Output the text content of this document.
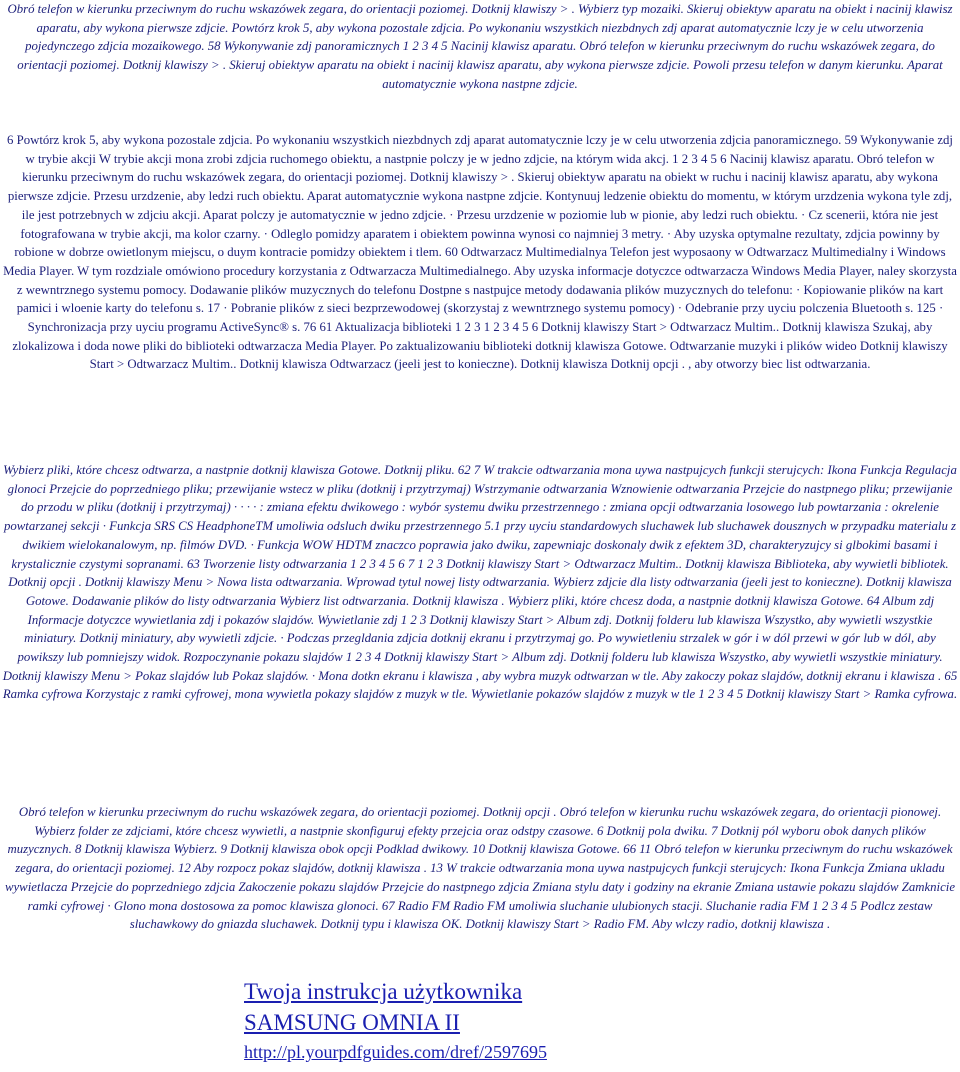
Obró telefon w kierunku przeciwnym do ruchu wskazówek zegara, do orientacji poziomej. Dotknij klawiszy > . Wybierz typ mozaiki. Skieruj obiektyw aparatu na obiekt i nacinij klawisz aparatu, aby wykona pierwsze zdjcie. Powtórz krok 5, aby wykona pozostale zdjcia. Po wykonaniu wszystkich niezbdnych zdj aparat automatycznie lczy je w celu utworzenia pojedynczego zdjcia mozaikowego. 58 Wykonywanie zdj panoramicznych 1 2 3 4 5 Nacinij klawisz aparatu. Obró telefon w kierunku przeciwnym do ruchu wskazówek zegara, do orientacji poziomej. Dotknij klawiszy > . Skieruj obiektyw aparatu na obiekt i nacinij klawisz aparatu, aby wykona pierwsze zdjcie. Powoli przesu telefon w danym kierunku. Aparat automatycznie wykona nastpne zdjcie.

6 Powtórz krok 5, aby wykona pozostale zdjcia. Po wykonaniu wszystkich niezbdnych zdj aparat automatycznie lczy je w celu utworzenia zdjcia panoramicznego. 59 Wykonywanie zdj w trybie akcji W trybie akcji mona zrobi zdjcia ruchomego obiektu, a nastpnie polczy je w jedno zdjcie, na którym wida akcj. 1 2 3 4 5 6 Nacinij klawisz aparatu. Obró telefon w kierunku przeciwnym do ruchu wskazówek zegara, do orientacji poziomej. Dotknij klawiszy > . Skieruj obiektyw aparatu na obiekt w ruchu i nacinij klawisz aparatu, aby wykona pierwsze zdjcie. Przesu urzdzenie, aby ledzi ruch obiektu. Aparat automatycznie wykona nastpne zdjcie. Kontynuuj ledzenie obiektu do momentu, w którym urzdzenia wykona tyle zdj, ile jest potrzebnych w zdjciu akcji. Aparat polczy je automatycznie w jedno zdjcie. · Przesu urzdzenie w poziomie lub w pionie, aby ledzi ruch obiektu. · Cz scenerii, która nie jest fotografowana w trybie akcji, ma kolor czarny. · Odleglo pomidzy aparatem i obiektem powinna wynosi co najmniej 3 metry. · Aby uzyska optymalne rezultaty, zdjcia powinny by robione w dobrze owietlonym miejscu, o duym kontracie pomidzy obiektem i tlem. 60 Odtwarzacz Multimedialnya Telefon jest wyposaony w Odtwarzacz Multimedialny i Windows Media Player. W tym rozdziale omówiono procedury korzystania z Odtwarzacza Multimedialnego. Aby uzyska informacje dotyczce odtwarzacza Windows Media Player, naley skorzysta z wewntrznego systemu pomocy. Dodawanie plików muzycznych do telefonu Dostpne s nastpujce metody dodawania plików muzycznych do telefonu: · Kopiowanie plików na kart pamici i wloenie karty do telefonu s. 17 · Pobranie plików z sieci bezprzewodowej (skorzystaj z wewntrznego systemu pomocy) · Odebranie przy uyciu polczenia Bluetooth s. 125 · Synchronizacja przy uyciu programu ActiveSync® s. 76 61 Aktualizacja biblioteki 1 2 3 1 2 3 4 5 6 Dotknij klawiszy Start > Odtwarzacz Multim.. Dotknij klawisza Szukaj, aby zlokalizowa i doda nowe pliki do biblioteki odtwarzacza Media Player. Po zaktualizowaniu biblioteki dotknij klawisza Gotowe. Odtwarzanie muzyki i plików wideo Dotknij klawiszy Start > Odtwarzacz Multim.. Dotknij klawisza Odtwarzacz (jeeli jest to konieczne). Dotknij klawisza Dotknij opcji . , aby otworzy biec list odtwarzania.

Wybierz pliki, które chcesz odtwarza, a nastpnie dotknij klawisza Gotowe. Dotknij pliku. 62 7 W trakcie odtwarzania mona uywa nastpujcych funkcji sterujcych: Ikona Funkcja Regulacja glonoci Przejcie do poprzedniego pliku; przewijanie wstecz w pliku (dotknij i przytrzymaj) Wstrzymanie odtwarzania Wznowienie odtwarzania Przejcie do nastpnego pliku; przewijanie do przodu w pliku (dotknij i przytrzymaj) · · · · : zmiana efektu dwikowego : wybór systemu dwiku przestrzennego : zmiana opcji odtwarzania losowego lub powtarzania : okrelenie powtarzanej sekcji · Funkcja SRS CS HeadphoneTM umoliwia odsluch dwiku przestrzennego 5.1 przy uyciu standardowych sluchawek lub sluchawek dousznych w przypadku materialu z dwikiem wielokanalowym, np. filmów DVD. · Funkcja WOW HDTM znaczco poprawia jako dwiku, zapewniajc doskonaly dwik z efektem 3D, charakteryzujcy si glbokimi basami i krystalicznie czystymi sopranami. 63 Tworzenie listy odtwarzania 1 2 3 4 5 6 7 1 2 3 Dotknij klawiszy Start > Odtwarzacz Multim.. Dotknij klawisza Biblioteka, aby wywietli bibliotek. Dotknij opcji . Dotknij klawiszy Menu > Nowa lista odtwarzania. Wprowad tytul nowej listy odtwarzania. Wybierz zdjcie dla listy odtwarzania (jeeli jest to konieczne). Dotknij klawisza Gotowe. Dodawanie plików do listy odtwarzania Wybierz list odtwarzania. Dotknij klawisza . Wybierz pliki, które chcesz doda, a nastpnie dotknij klawisza Gotowe. 64 Album zdj Informacje dotyczce wywietlania zdj i pokazów slajdów. Wywietlanie zdj 1 2 3 Dotknij klawiszy Start > Album zdj. Dotknij folderu lub klawisza Wszystko, aby wywietli wszystkie miniatury. Dotknij miniatury, aby wywietli zdjcie. · Podczas przegldania zdjcia dotknij ekranu i przytrzymaj go. Po wywietleniu strzalek w gór i w dól przewi w gór lub w dól, aby powikszy lub pomniejszy widok. Rozpoczynanie pokazu slajdów 1 2 3 4 Dotknij klawiszy Start > Album zdj. Dotknij folderu lub klawisza Wszystko, aby wywietli wszystkie miniatury. Dotknij klawiszy Menu > Pokaz slajdów lub Pokaz slajdów. · Mona dotkn ekranu i klawisza , aby wybra muzyk odtwarzan w tle. Aby zakoczy pokaz slajdów, dotknij ekranu i klawisza . 65 Ramka cyfrowa Korzystajc z ramki cyfrowej, mona wywietla pokazy slajdów z muzyk w tle. Wywietlanie pokazów slajdów z muzyk w tle 1 2 3 4 5 Dotknij klawiszy Start > Ramka cyfrowa.

Obró telefon w kierunku przeciwnym do ruchu wskazówek zegara, do orientacji poziomej. Dotknij opcji . Obró telefon w kierunku ruchu wskazówek zegara, do orientacji pionowej. Wybierz folder ze zdjciami, które chcesz wywietli, a nastpnie skonfiguruj efekty przejcia oraz odstpy czasowe. 6 Dotknij pola dwiku. 7 Dotknij pól wyboru obok danych plików muzycznych. 8 Dotknij klawisza Wybierz. 9 Dotknij klawisza obok opcji Podklad dwikowy. 10 Dotknij klawisza Gotowe. 66 11 Obró telefon w kierunku przeciwnym do ruchu wskazówek zegara, do orientacji poziomej. 12 Aby rozpocz pokaz slajdów, dotknij klawisza . 13 W trakcie odtwarzania mona uywa nastpujcych funkcji sterujcych: Ikona Funkcja Zmiana ukladu wywietlacza Przejcie do poprzedniego zdjcia Zakoczenie pokazu slajdów Przejcie do nastpnego zdjcia Zmiana stylu daty i godziny na ekranie Zmiana ustawie pokazu slajdów Zamknicie ramki cyfrowej · Glono mona dostosowa za pomoc klawisza glonoci. 67 Radio FM Radio FM umoliwia sluchanie ulubionych stacji. Sluchanie radia FM 1 2 3 4 5 Podlcz zestaw sluchawkowy do gniazda sluchawek. Dotknij typu i klawisza OK. Dotknij klawiszy Start > Radio FM. Aby wlczy radio, dotknij klawisza .

Twoja instrukcja użytkownika
SAMSUNG OMNIA II
http://pl.yourpdfguides.com/dref/2597695
